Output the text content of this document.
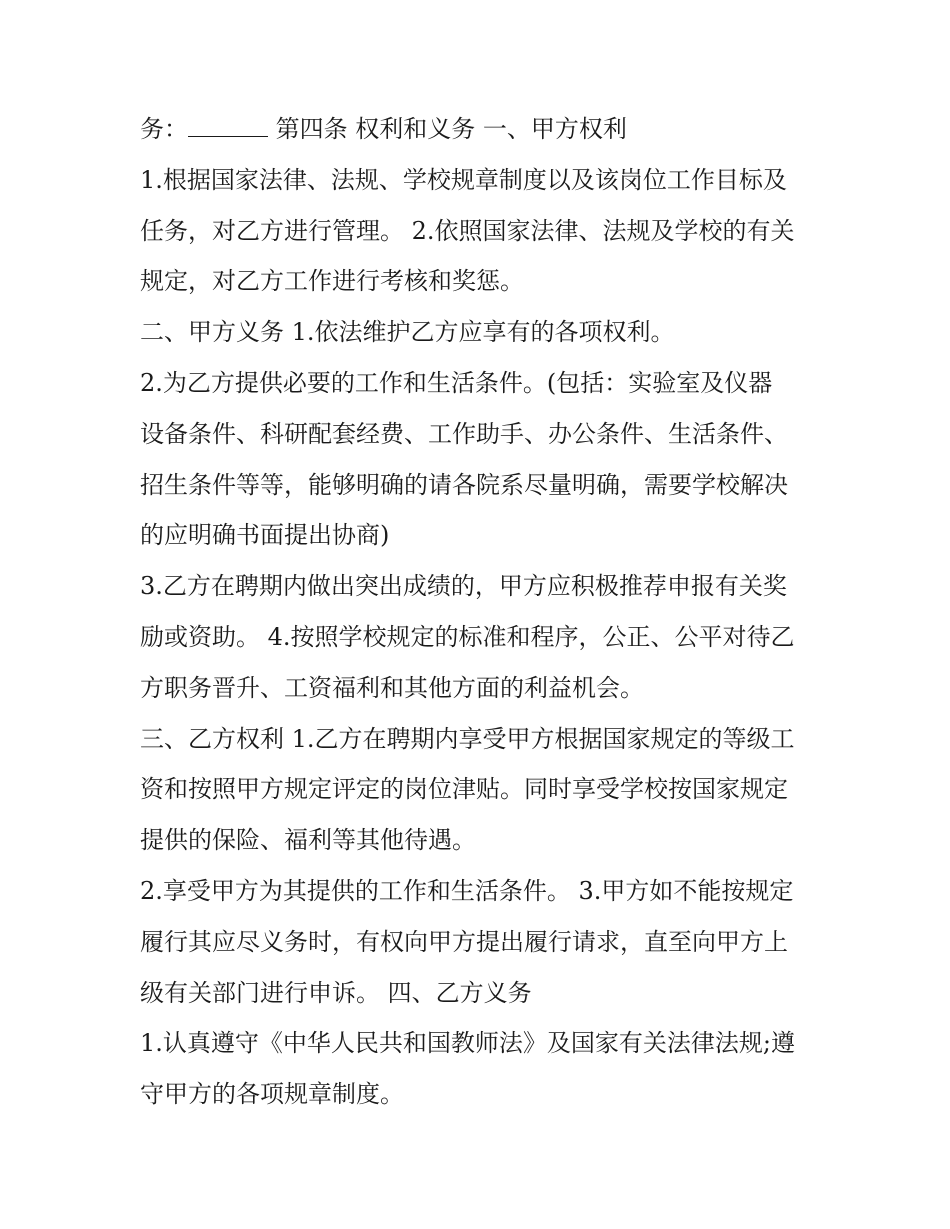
务：	第四条 权利和义务 一、甲方权利

1.根据国家法律、法规、学校规章制度以及该岗位工作目标及

任务，对乙方进行管理。 2.依照国家法律、法规及学校的有关

规定，对乙方工作进行考核和奖惩。

二、甲方义务 1.依法维护乙方应享有的各项权利。

2.为乙方提供必要的工作和生活条件。(包括：实验室及仪器

设备条件、科研配套经费、工作助手、办公条件、生活条件、

招生条件等等，能够明确的请各院系尽量明确，需要学校解决

的应明确书面提出协商)

3.乙方在聘期内做出突出成绩的，甲方应积极推荐申报有关奖

励或资助。 4.按照学校规定的标准和程序，公正、公平对待乙

方职务晋升、工资福利和其他方面的利益机会。

三、乙方权利 1.乙方在聘期内享受甲方根据国家规定的等级工

资和按照甲方规定评定的岗位津贴。同时享受学校按国家规定

提供的保险、福利等其他待遇。

2.享受甲方为其提供的工作和生活条件。 3.甲方如不能按规定

履行其应尽义务时，有权向甲方提出履行请求，直至向甲方上

级有关部门进行申诉。 四、乙方义务

1.认真遵守《中华人民共和国教师法》及国家有关法律法规;遵

守甲方的各项规章制度。
